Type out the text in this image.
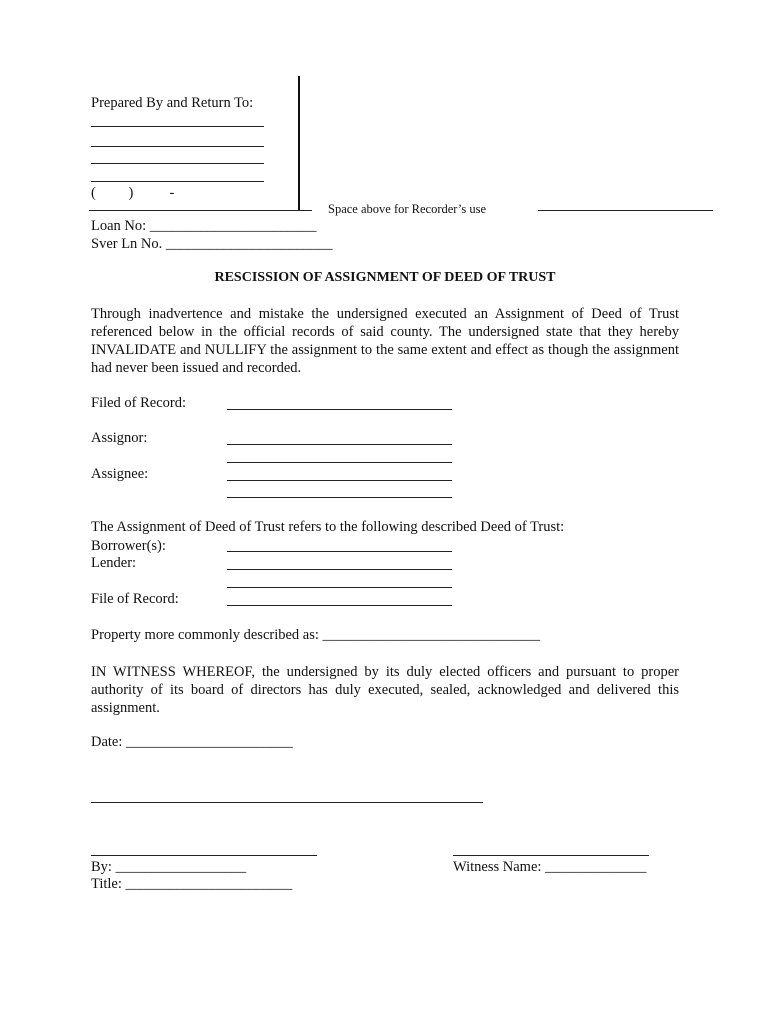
Prepared By and Return To:
(         )          -
Space above for Recorder’s use
Loan No: _______________________
Sver Ln No. _______________________
RESCISSION OF ASSIGNMENT OF DEED OF TRUST
Through inadvertence and mistake the undersigned executed an Assignment of Deed of Trust referenced below in the official records of said county. The undersigned state that they hereby INVALIDATE and NULLIFY the assignment to the same extent and effect as though the assignment had never been issued and recorded.
Filed of Record:
Assignor:
Assignee:
The Assignment of Deed of Trust refers to the following described Deed of Trust:
Borrower(s):
Lender:
File of Record:
Property more commonly described as: ______________________________
IN WITNESS WHEREOF, the undersigned by its duly elected officers and pursuant to proper authority of its board of directors has duly executed, sealed, acknowledged and delivered this assignment.
Date: _______________________
By: __________________	Witness Name: ______________
Title: _______________________
